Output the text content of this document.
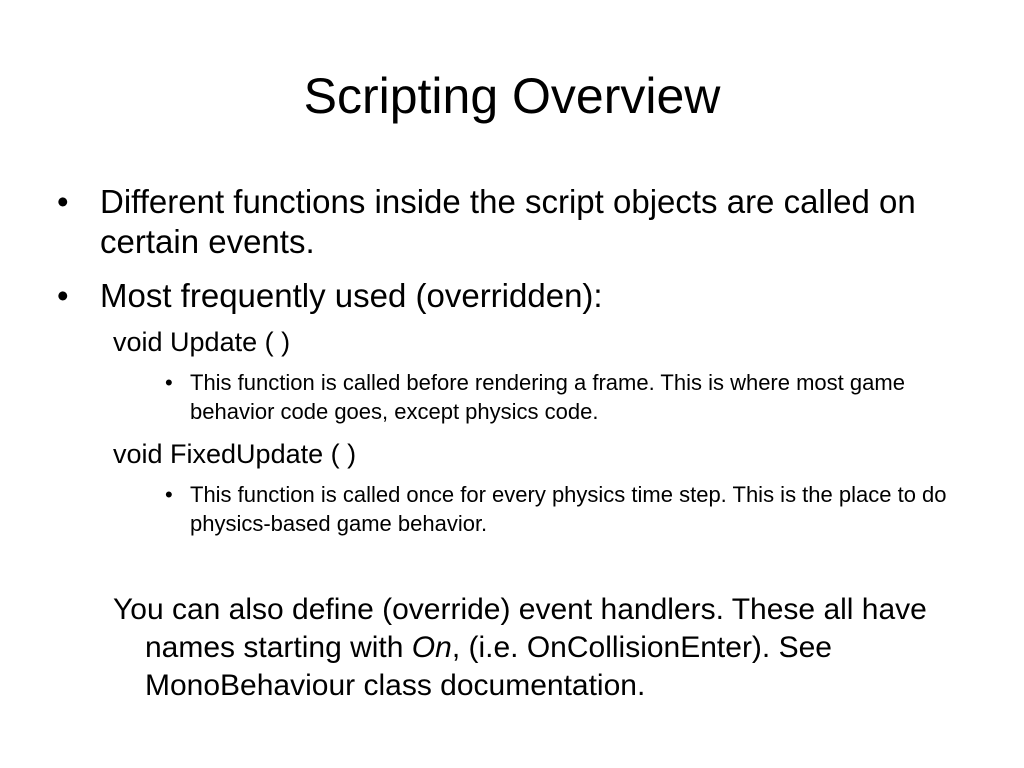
Scripting Overview
• Different functions inside the script objects are called on certain events.
• Most frequently used (overridden):
void Update ( )
• This function is called before rendering a frame. This is where most game behavior code goes, except physics code.
void FixedUpdate ( )
• This function is called once for every physics time step. This is the place to do physics-based game behavior.
You can also define (override) event handlers. These all have names starting with On, (i.e. OnCollisionEnter). See MonoBehaviour class documentation.
